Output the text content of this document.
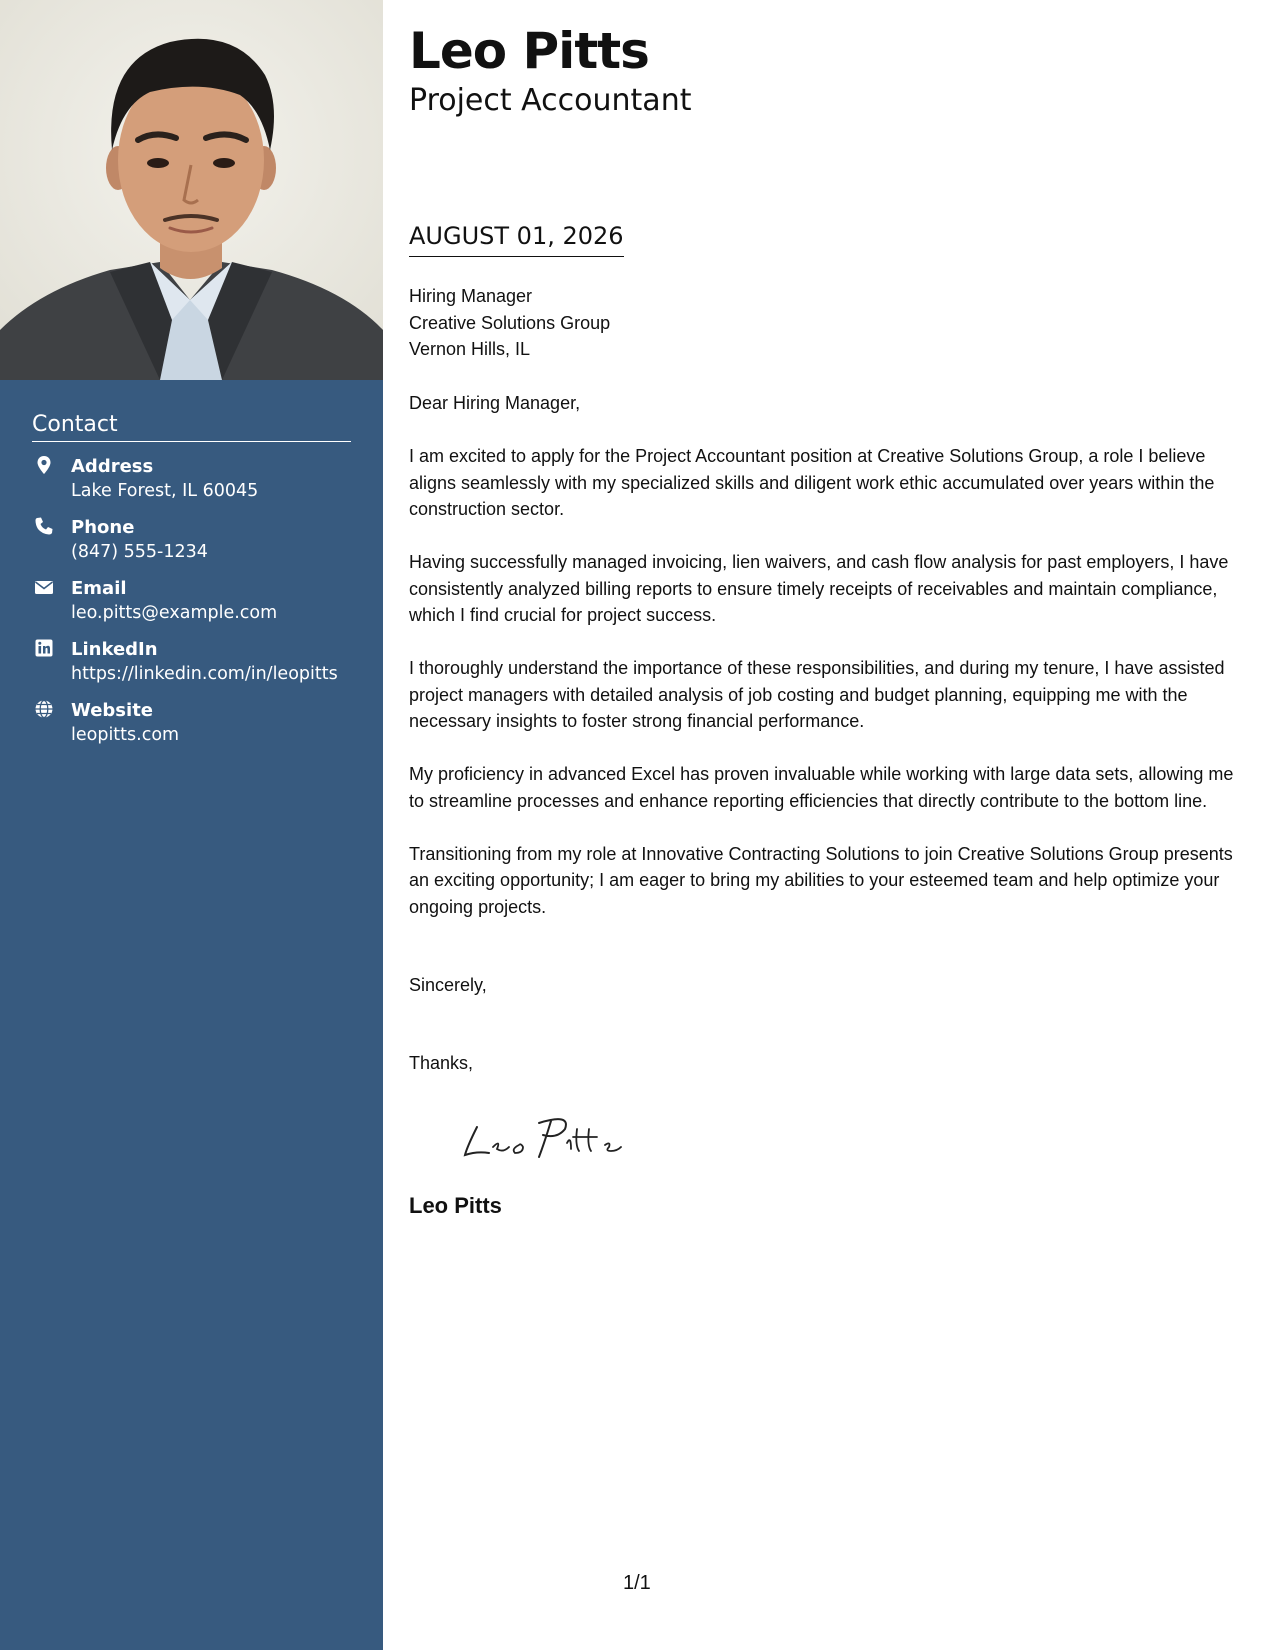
Contact
Address
Lake Forest, IL 60045
Phone
(847) 555-1234
Email
leo.pitts@example.com
LinkedIn
https://linkedin.com/in/leopitts
Website
leopitts.com
Leo Pitts
Project Accountant
AUGUST 01, 2026
Hiring Manager
Creative Solutions Group
Vernon Hills, IL
Dear Hiring Manager,

I am excited to apply for the Project Accountant position at Creative Solutions Group, a role I believe aligns seamlessly with my specialized skills and diligent work ethic accumulated over years within the construction sector.

Having successfully managed invoicing, lien waivers, and cash flow analysis for past employers, I have consistently analyzed billing reports to ensure timely receipts of receivables and maintain compliance, which I find crucial for project success.

I thoroughly understand the importance of these responsibilities, and during my tenure, I have assisted project managers with detailed analysis of job costing and budget planning, equipping me with the necessary insights to foster strong financial performance.

My proficiency in advanced Excel has proven invaluable while working with large data sets, allowing me to streamline processes and enhance reporting efficiencies that directly contribute to the bottom line.

Transitioning from my role at Innovative Contracting Solutions to join Creative Solutions Group presents an exciting opportunity; I am eager to bring my abilities to your esteemed team and help optimize your ongoing projects.

Sincerely,
Thanks,
Leo Pitts
1/1
